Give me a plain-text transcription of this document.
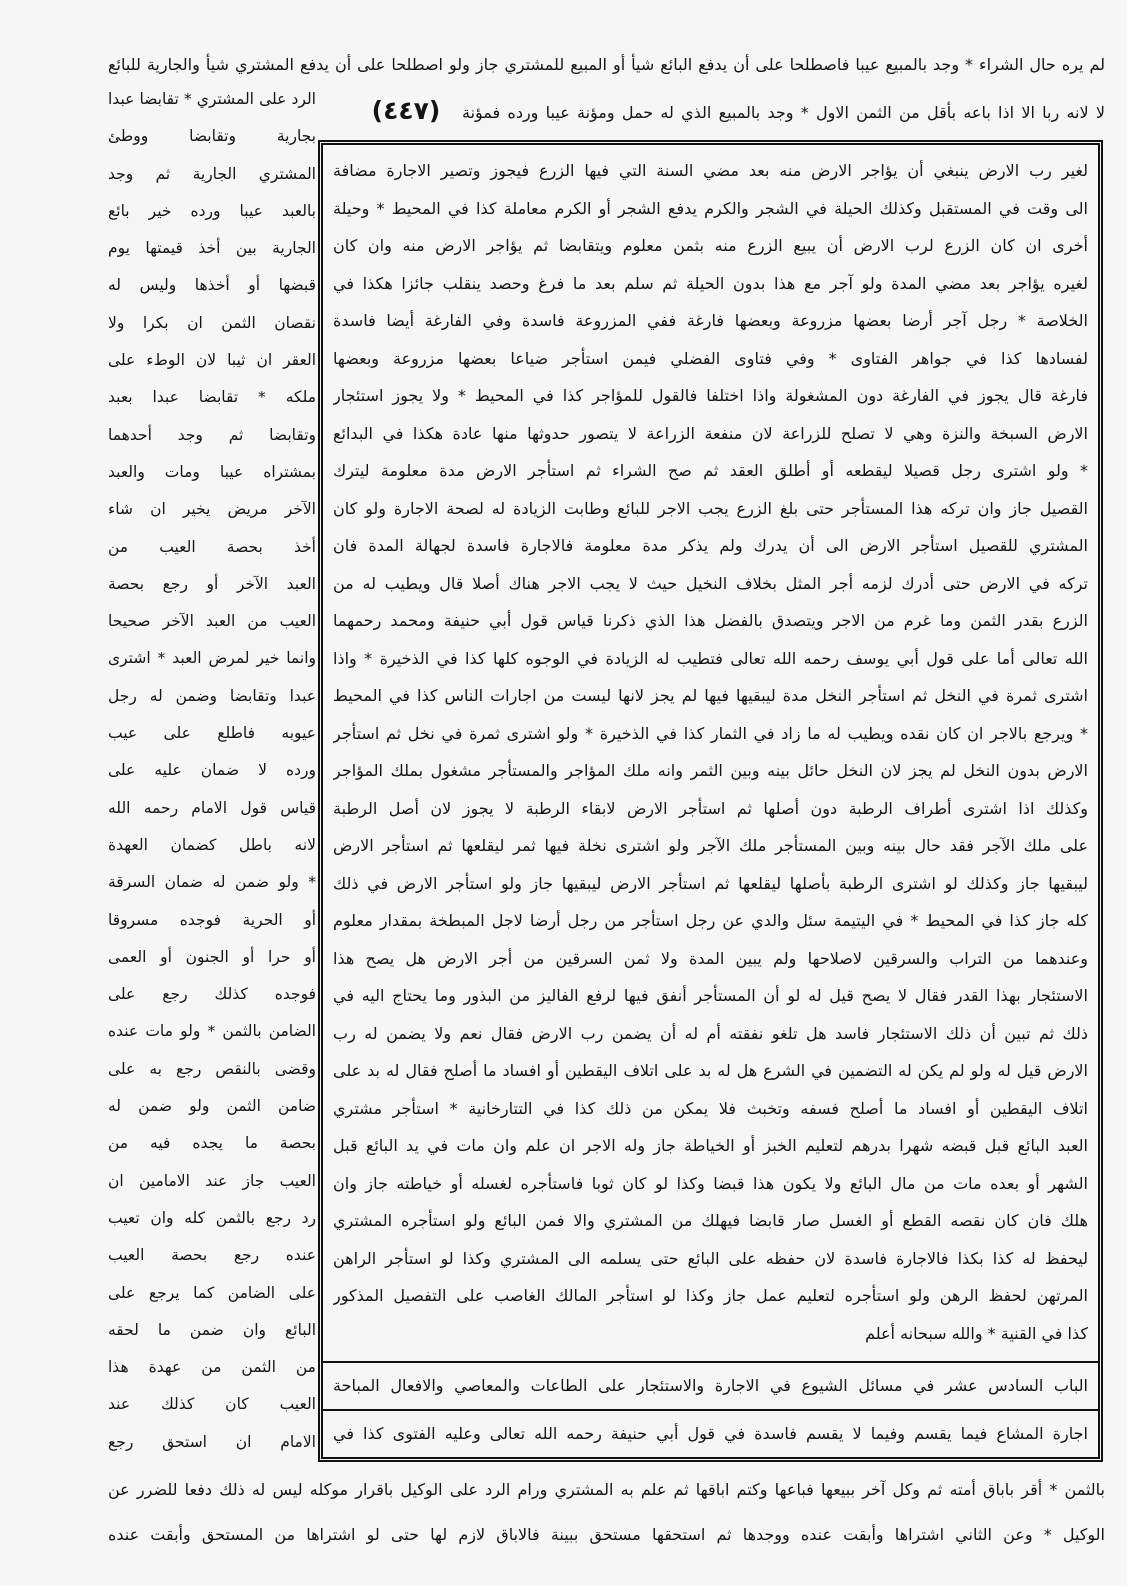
لم يره حال الشراء * وجد بالمبيع عيبا فاصطلحا على أن يدفع البائع شيأ أو المبيع للمشتري جاز ولو اصطلحا على أن يدفع المشتري شيأ والجارية للبائع
لا لانه ربا الا اذا باعه بأقل من الثمن الاول * وجد بالمبيع الذي له حمل ومؤنة عيبا ورده فمؤنة
(٤٤٧)
الرد على المشتري * تقابضا عبدا
بجارية وتقابضا ووطئ
المشتري الجارية ثم وجد
بالعبد عيبا ورده خير بائع
الجارية بين أخذ قيمتها يوم
قبضها أو أخذها وليس له
نقصان الثمن ان بكرا ولا
العقر ان ثيبا لان الوطء على
ملكه * تقابضا عبدا بعبد
وتقابضا ثم وجد أحدهما
بمشتراه عيبا ومات والعبد
الآخر مريض يخير ان شاء
أخذ بحصة العيب من
العبد الآخر أو رجع بحصة
العيب من العبد الآخر صحيحا
وانما خير لمرض العبد * اشترى
عبدا وتقابضا وضمن له رجل
عيوبه فاطلع على عيب
ورده لا ضمان عليه على
قياس قول الامام رحمه الله
لانه باطل كضمان العهدة
* ولو ضمن له ضمان السرقة
أو الحرية فوجده مسروقا
أو حرا أو الجنون أو العمى
فوجده كذلك رجع على
الضامن بالثمن * ولو مات عنده
وقضى بالنقص رجع به على
ضامن الثمن ولو ضمن له
بحصة ما يجده فيه من
العيب جاز عند الامامين ان
رد رجع بالثمن كله وان تعيب
عنده رجع بحصة العيب
على الضامن كما يرجع على
البائع وان ضمن ما لحقه
من الثمن من عهدة هذا
العيب كان كذلك عند
الامام ان استحق رجع
لغير رب الارض ينبغي أن يؤاجر الارض منه بعد مضي السنة التي فيها الزرع فيجوز وتصير الاجارة مضافة
الى وقت في المستقبل وكذلك الحيلة في الشجر والكرم يدفع الشجر أو الكرم معاملة كذا في المحيط * وحيلة
أخرى ان كان الزرع لرب الارض أن يبيع الزرع منه بثمن معلوم ويتقابضا ثم يؤاجر الارض منه وان كان
لغيره يؤاجر بعد مضي المدة ولو آجر مع هذا بدون الحيلة ثم سلم بعد ما فرغ وحصد ينقلب جائزا هكذا في
الخلاصة * رجل آجر أرضا بعضها مزروعة وبعضها فارغة ففي المزروعة فاسدة وفي الفارغة أيضا فاسدة
لفسادها كذا في جواهر الفتاوى * وفي فتاوى الفضلي فيمن استأجر ضياعا بعضها مزروعة وبعضها
فارغة قال يجوز في الفارغة دون المشغولة واذا اختلفا فالقول للمؤاجر كذا في المحيط * ولا يجوز استئجار
الارض السبخة والنزة وهي لا تصلح للزراعة لان منفعة الزراعة لا يتصور حدوثها منها عادة هكذا في البدائع
* ولو اشترى رجل قصيلا ليقطعه أو أطلق العقد ثم صح الشراء ثم استأجر الارض مدة معلومة ليترك
القصيل جاز وان تركه هذا المستأجر حتى بلغ الزرع يجب الاجر للبائع وطابت الزيادة له لصحة الاجارة ولو كان
المشتري للقصيل استأجر الارض الى أن يدرك ولم يذكر مدة معلومة فالاجارة فاسدة لجهالة المدة فان
تركه في الارض حتى أدرك لزمه أجر المثل بخلاف النخيل حيث لا يجب الاجر هناك أصلا قال ويطيب له من
الزرع بقدر الثمن وما غرم من الاجر ويتصدق بالفضل هذا الذي ذكرنا قياس قول أبي حنيفة ومحمد رحمهما
الله تعالى أما على قول أبي يوسف رحمه الله تعالى فتطيب له الزيادة في الوجوه كلها كذا في الذخيرة * واذا
اشترى ثمرة في النخل ثم استأجر النخل مدة ليبقيها فيها لم يجز لانها ليست من اجارات الناس كذا في المحيط
* ويرجع بالاجر ان كان نقده ويطيب له ما زاد في الثمار كذا في الذخيرة * ولو اشترى ثمرة في نخل ثم استأجر
الارض بدون النخل لم يجز لان النخل حائل بينه وبين الثمر وانه ملك المؤاجر والمستأجر مشغول بملك المؤاجر
وكذلك اذا اشترى أطراف الرطبة دون أصلها ثم استأجر الارض لابقاء الرطبة لا يجوز لان أصل الرطبة
على ملك الآجر فقد حال بينه وبين المستأجر ملك الآجر ولو اشترى نخلة فيها ثمر ليقلعها ثم استأجر الارض
ليبقيها جاز وكذلك لو اشترى الرطبة بأصلها ليقلعها ثم استأجر الارض ليبقيها جاز ولو استأجر الارض في ذلك
كله جاز كذا في المحيط * في اليتيمة سئل والدي عن رجل استأجر من رجل أرضا لاجل المبطخة بمقدار معلوم
وعندهما من التراب والسرقين لاصلاحها ولم يبين المدة ولا ثمن السرقين من أجر الارض هل يصح هذا
الاستئجار بهذا القدر فقال لا يصح قيل له لو أن المستأجر أنفق فيها لرفع الفاليز من البذور وما يحتاج اليه في
ذلك ثم تبين أن ذلك الاستئجار فاسد هل تلغو نفقته أم له أن يضمن رب الارض فقال نعم ولا يضمن له رب
الارض قيل له ولو لم يكن له التضمين في الشرع هل له بد على اتلاف اليقطين أو افساد ما أصلح فقال له بد على
اتلاف اليقطين أو افساد ما أصلح فسفه وتخبث فلا يمكن من ذلك كذا في التتارخانية * استأجر مشتري
العبد البائع قبل قبضه شهرا بدرهم لتعليم الخبز أو الخياطة جاز وله الاجر ان علم وان مات في يد البائع قبل
الشهر أو بعده مات من مال البائع ولا يكون هذا قبضا وكذا لو كان ثوبا فاستأجره لغسله أو خياطته جاز وان
هلك فان كان نقصه القطع أو الغسل صار قابضا فيهلك من المشتري والا فمن البائع ولو استأجره المشتري
ليحفظ له كذا بكذا فالاجارة فاسدة لان حفظه على البائع حتى يسلمه الى المشتري وكذا لو استأجر الراهن
المرتهن لحفظ الرهن ولو استأجره لتعليم عمل جاز وكذا لو استأجر المالك الغاصب على التفصيل المذكور
كذا في القنية * والله سبحانه أعلم
الباب السادس عشر في مسائل الشيوع في الاجارة والاستئجار على الطاعات والمعاصي والافعال المباحة
اجارة المشاع فيما يقسم وفيما لا يقسم فاسدة في قول أبي حنيفة رحمه الله تعالى وعليه الفتوى كذا في
بالثمن * أقر باباق أمته ثم وكل آخر ببيعها فباعها وكتم اباقها ثم علم به المشتري ورام الرد على الوكيل باقرار موكله ليس له ذلك دفعا للضرر عن
الوكيل * وعن الثاني اشتراها وأبقت عنده ووجدها ثم استحقها مستحق ببينة فالاباق لازم لها حتى لو اشتراها من المستحق وأبقت عنده
